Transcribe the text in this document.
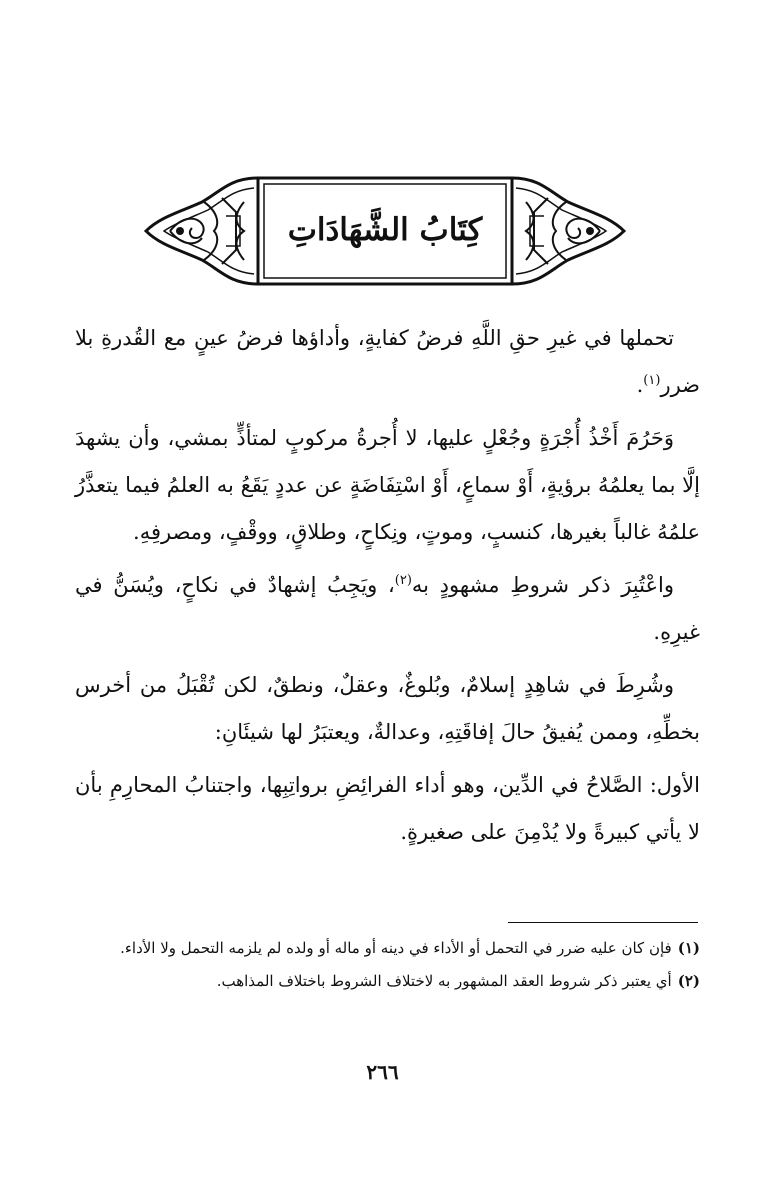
كِتَابُ الشَّهَادَاتِ

تحملها في غيرِ حقِ اللَّهِ فرضُ كفايةٍ، وأداؤها فرضُ عينٍ مع القُدرةِ بلا ضرر$^{(١)}$.

وَحَرُمَ أَخْذُ أُجْرَةٍ وجُعْلٍ عليها، لا أُجرةُ مركوبٍ لمتأذٍّ بمشي، وأن يشهدَ إلَّا بما يعلمُهُ برؤيةٍ، أَوْ سماعٍ، أَوْ اسْتِفَاضَةٍ عن عددٍ يَقَعُ به العلمُ فيما يتعذَّرُ علمُهُ غالباً بغيرها، كنسبٍ، وموتٍ، ونِكاحٍ، وطلاقٍ، ووقْفٍ، ومصرفِهِ.

واعْتُبِرَ ذكر شروطِ مشهودٍ به$^{(٢)}$، ويَجِبُ إشهادٌ في نكاحٍ، ويُسَنُّ في غيرِهِ.

وشُرِطَ في شاهِدٍ إسلامٌ، وبُلوغٌ، وعقلٌ، ونطقٌ، لكن تُقْبَلُ من أخرس بخطِّهِ، وممن يُفيقُ حالَ إفاقَتِهِ، وعدالةٌ، ويعتبَرُ لها شيئَانِ:

الأول: الصَّلاحُ في الدِّين، وهو أداء الفرائِضِ برواتِبِها، واجتنابُ المحارِمِ بأن لا يأتي كبيرةً ولا يُدْمِنَ على صغيرةٍ.

(١)فإن كان عليه ضرر في التحمل أو الأداء في دينه أو ماله أو ولده لم يلزمه التحمل ولا الأداء.

(٢)أي يعتبر ذكر شروط العقد المشهور به لاختلاف الشروط باختلاف المذاهب.

٢٦٦
